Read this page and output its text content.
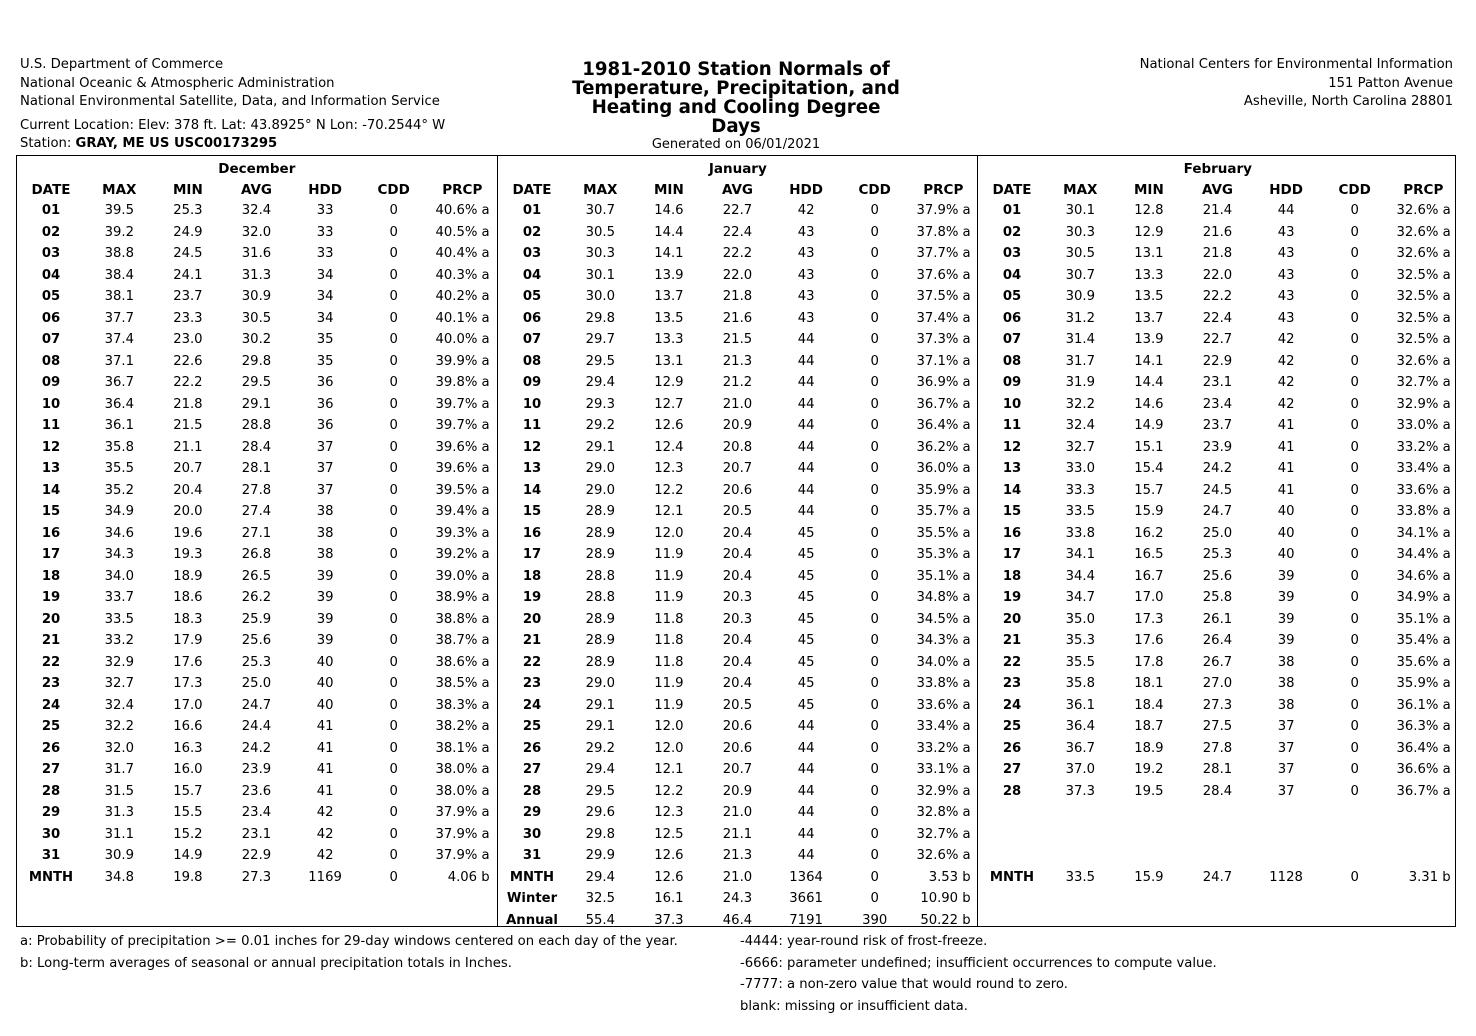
U.S. Department of Commerce
National Oceanic & Atmospheric Administration
National Environmental Satellite, Data, and Information Service
Current Location: Elev: 378 ft. Lat: 43.8925° N Lon: -70.2544° W
Station: GRAY, ME US USC00173295
1981-2010 Station Normals of
Temperature, Precipitation, and
Heating and Cooling Degree
Days
Generated on 06/01/2021
National Centers for Environmental Information
151 Patton Avenue
Asheville, North Carolina 28801
December						
DATE	MAX	MIN	AVG	HDD	CDD	PRCP
01	39.5	25.3	32.4	33	0	40.6% a
02	39.2	24.9	32.0	33	0	40.5% a
03	38.8	24.5	31.6	33	0	40.4% a
04	38.4	24.1	31.3	34	0	40.3% a
05	38.1	23.7	30.9	34	0	40.2% a
06	37.7	23.3	30.5	34	0	40.1% a
07	37.4	23.0	30.2	35	0	40.0% a
08	37.1	22.6	29.8	35	0	39.9% a
09	36.7	22.2	29.5	36	0	39.8% a
10	36.4	21.8	29.1	36	0	39.7% a
11	36.1	21.5	28.8	36	0	39.7% a
12	35.8	21.1	28.4	37	0	39.6% a
13	35.5	20.7	28.1	37	0	39.6% a
14	35.2	20.4	27.8	37	0	39.5% a
15	34.9	20.0	27.4	38	0	39.4% a
16	34.6	19.6	27.1	38	0	39.3% a
17	34.3	19.3	26.8	38	0	39.2% a
18	34.0	18.9	26.5	39	0	39.0% a
19	33.7	18.6	26.2	39	0	38.9% a
20	33.5	18.3	25.9	39	0	38.8% a
21	33.2	17.9	25.6	39	0	38.7% a
22	32.9	17.6	25.3	40	0	38.6% a
23	32.7	17.3	25.0	40	0	38.5% a
24	32.4	17.0	24.7	40	0	38.3% a
25	32.2	16.6	24.4	41	0	38.2% a
26	32.0	16.3	24.2	41	0	38.1% a
27	31.7	16.0	23.9	41	0	38.0% a
28	31.5	15.7	23.6	41	0	38.0% a
29	31.3	15.5	23.4	42	0	37.9% a
30	31.1	15.2	23.1	42	0	37.9% a
31	30.9	14.9	22.9	42	0	37.9% a
MNTH	34.8	19.8	27.3	1169	0	4.06 b
January						
DATE	MAX	MIN	AVG	HDD	CDD	PRCP
01	30.7	14.6	22.7	42	0	37.9% a
02	30.5	14.4	22.4	43	0	37.8% a
03	30.3	14.1	22.2	43	0	37.7% a
04	30.1	13.9	22.0	43	0	37.6% a
05	30.0	13.7	21.8	43	0	37.5% a
06	29.8	13.5	21.6	43	0	37.4% a
07	29.7	13.3	21.5	44	0	37.3% a
08	29.5	13.1	21.3	44	0	37.1% a
09	29.4	12.9	21.2	44	0	36.9% a
10	29.3	12.7	21.0	44	0	36.7% a
11	29.2	12.6	20.9	44	0	36.4% a
12	29.1	12.4	20.8	44	0	36.2% a
13	29.0	12.3	20.7	44	0	36.0% a
14	29.0	12.2	20.6	44	0	35.9% a
15	28.9	12.1	20.5	44	0	35.7% a
16	28.9	12.0	20.4	45	0	35.5% a
17	28.9	11.9	20.4	45	0	35.3% a
18	28.8	11.9	20.4	45	0	35.1% a
19	28.8	11.9	20.3	45	0	34.8% a
20	28.9	11.8	20.3	45	0	34.5% a
21	28.9	11.8	20.4	45	0	34.3% a
22	28.9	11.8	20.4	45	0	34.0% a
23	29.0	11.9	20.4	45	0	33.8% a
24	29.1	11.9	20.5	45	0	33.6% a
25	29.1	12.0	20.6	44	0	33.4% a
26	29.2	12.0	20.6	44	0	33.2% a
27	29.4	12.1	20.7	44	0	33.1% a
28	29.5	12.2	20.9	44	0	32.9% a
29	29.6	12.3	21.0	44	0	32.8% a
30	29.8	12.5	21.1	44	0	32.7% a
31	29.9	12.6	21.3	44	0	32.6% a
MNTH	29.4	12.6	21.0	1364	0	3.53 b
Winter	32.5	16.1	24.3	3661	0	10.90 b
Annual	55.4	37.3	46.4	7191	390	50.22 b
February						
DATE	MAX	MIN	AVG	HDD	CDD	PRCP
01	30.1	12.8	21.4	44	0	32.6% a
02	30.3	12.9	21.6	43	0	32.6% a
03	30.5	13.1	21.8	43	0	32.6% a
04	30.7	13.3	22.0	43	0	32.5% a
05	30.9	13.5	22.2	43	0	32.5% a
06	31.2	13.7	22.4	43	0	32.5% a
07	31.4	13.9	22.7	42	0	32.5% a
08	31.7	14.1	22.9	42	0	32.6% a
09	31.9	14.4	23.1	42	0	32.7% a
10	32.2	14.6	23.4	42	0	32.9% a
11	32.4	14.9	23.7	41	0	33.0% a
12	32.7	15.1	23.9	41	0	33.2% a
13	33.0	15.4	24.2	41	0	33.4% a
14	33.3	15.7	24.5	41	0	33.6% a
15	33.5	15.9	24.7	40	0	33.8% a
16	33.8	16.2	25.0	40	0	34.1% a
17	34.1	16.5	25.3	40	0	34.4% a
18	34.4	16.7	25.6	39	0	34.6% a
19	34.7	17.0	25.8	39	0	34.9% a
20	35.0	17.3	26.1	39	0	35.1% a
21	35.3	17.6	26.4	39	0	35.4% a
22	35.5	17.8	26.7	38	0	35.6% a
23	35.8	18.1	27.0	38	0	35.9% a
24	36.1	18.4	27.3	38	0	36.1% a
25	36.4	18.7	27.5	37	0	36.3% a
26	36.7	18.9	27.8	37	0	36.4% a
27	37.0	19.2	28.1	37	0	36.6% a
28	37.3	19.5	28.4	37	0	36.7% a

MNTH	33.5	15.9	24.7	1128	0	3.31 b
a: Probability of precipitation >= 0.01 inches for 29-day windows centered on each day of the year.
b: Long-term averages of seasonal or annual precipitation totals in Inches.
-4444: year-round risk of frost-freeze.
-6666: parameter undefined; insufficient occurrences to compute value.
-7777: a non-zero value that would round to zero.
blank: missing or insufficient data.
